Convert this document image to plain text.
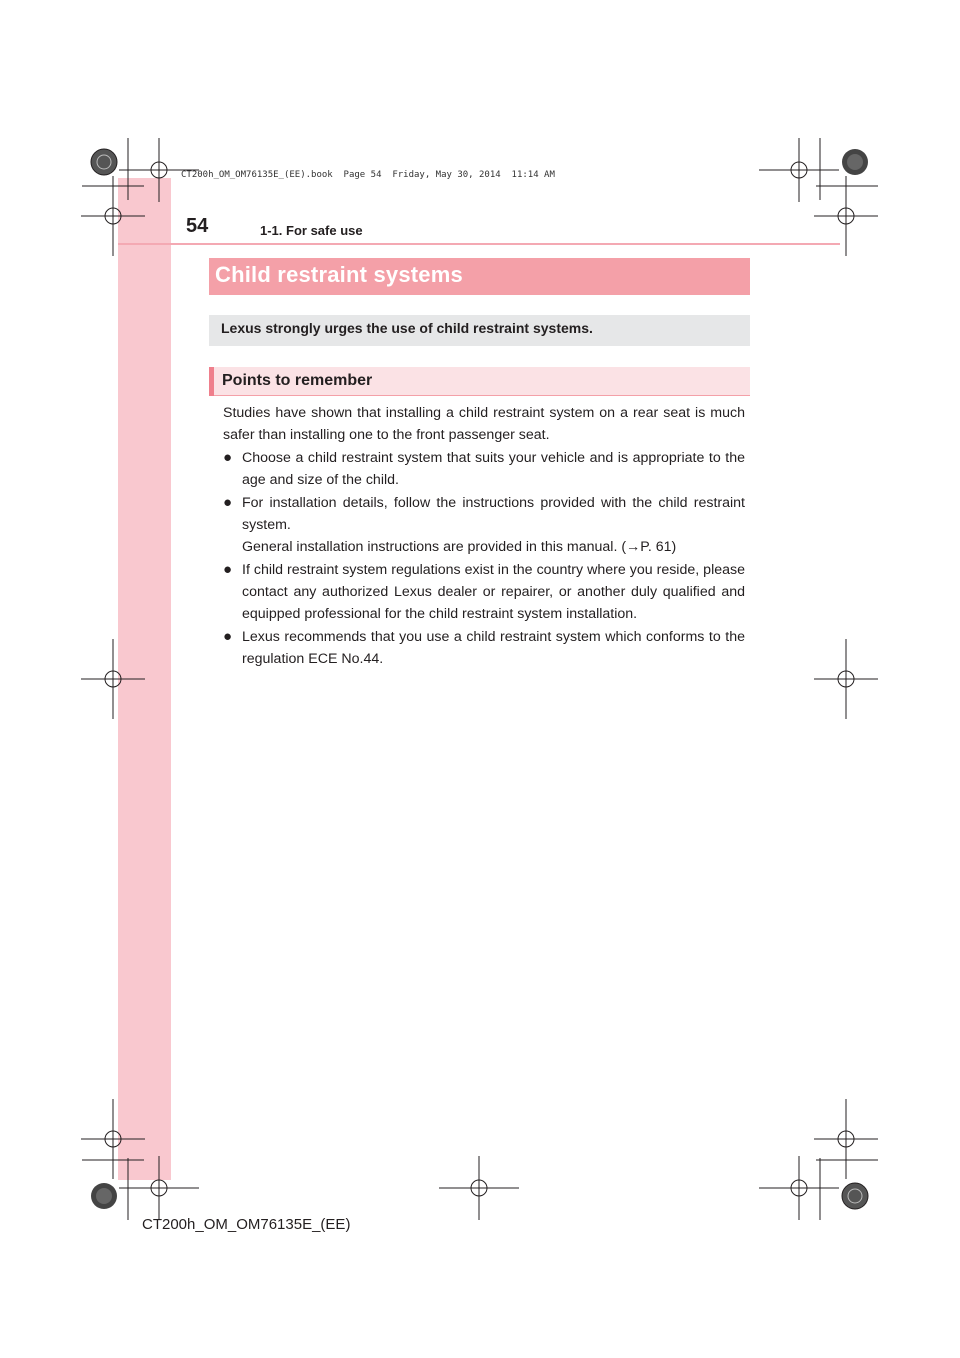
CT200h_OM_OM76135E_(EE).book  Page 54  Friday, May 30, 2014  11:14 AM
54	1-1. For safe use
Child restraint systems
Lexus strongly urges the use of child restraint systems.
Points to remember

Studies have shown that installing a child restraint system on a rear seat is much safer than installing one to the front passenger seat.

● Choose a child restraint system that suits your vehicle and is appropriate to the age and size of the child.
● For installation details, follow the instructions provided with the child restraint system.
General installation instructions are provided in this manual. (→P. 61)
● If child restraint system regulations exist in the country where you reside, please contact any authorized Lexus dealer or repairer, or another duly qualified and equipped professional for the child restraint system installation.
● Lexus recommends that you use a child restraint system which conforms to the regulation ECE No.44.
CT200h_OM_OM76135E_(EE)
